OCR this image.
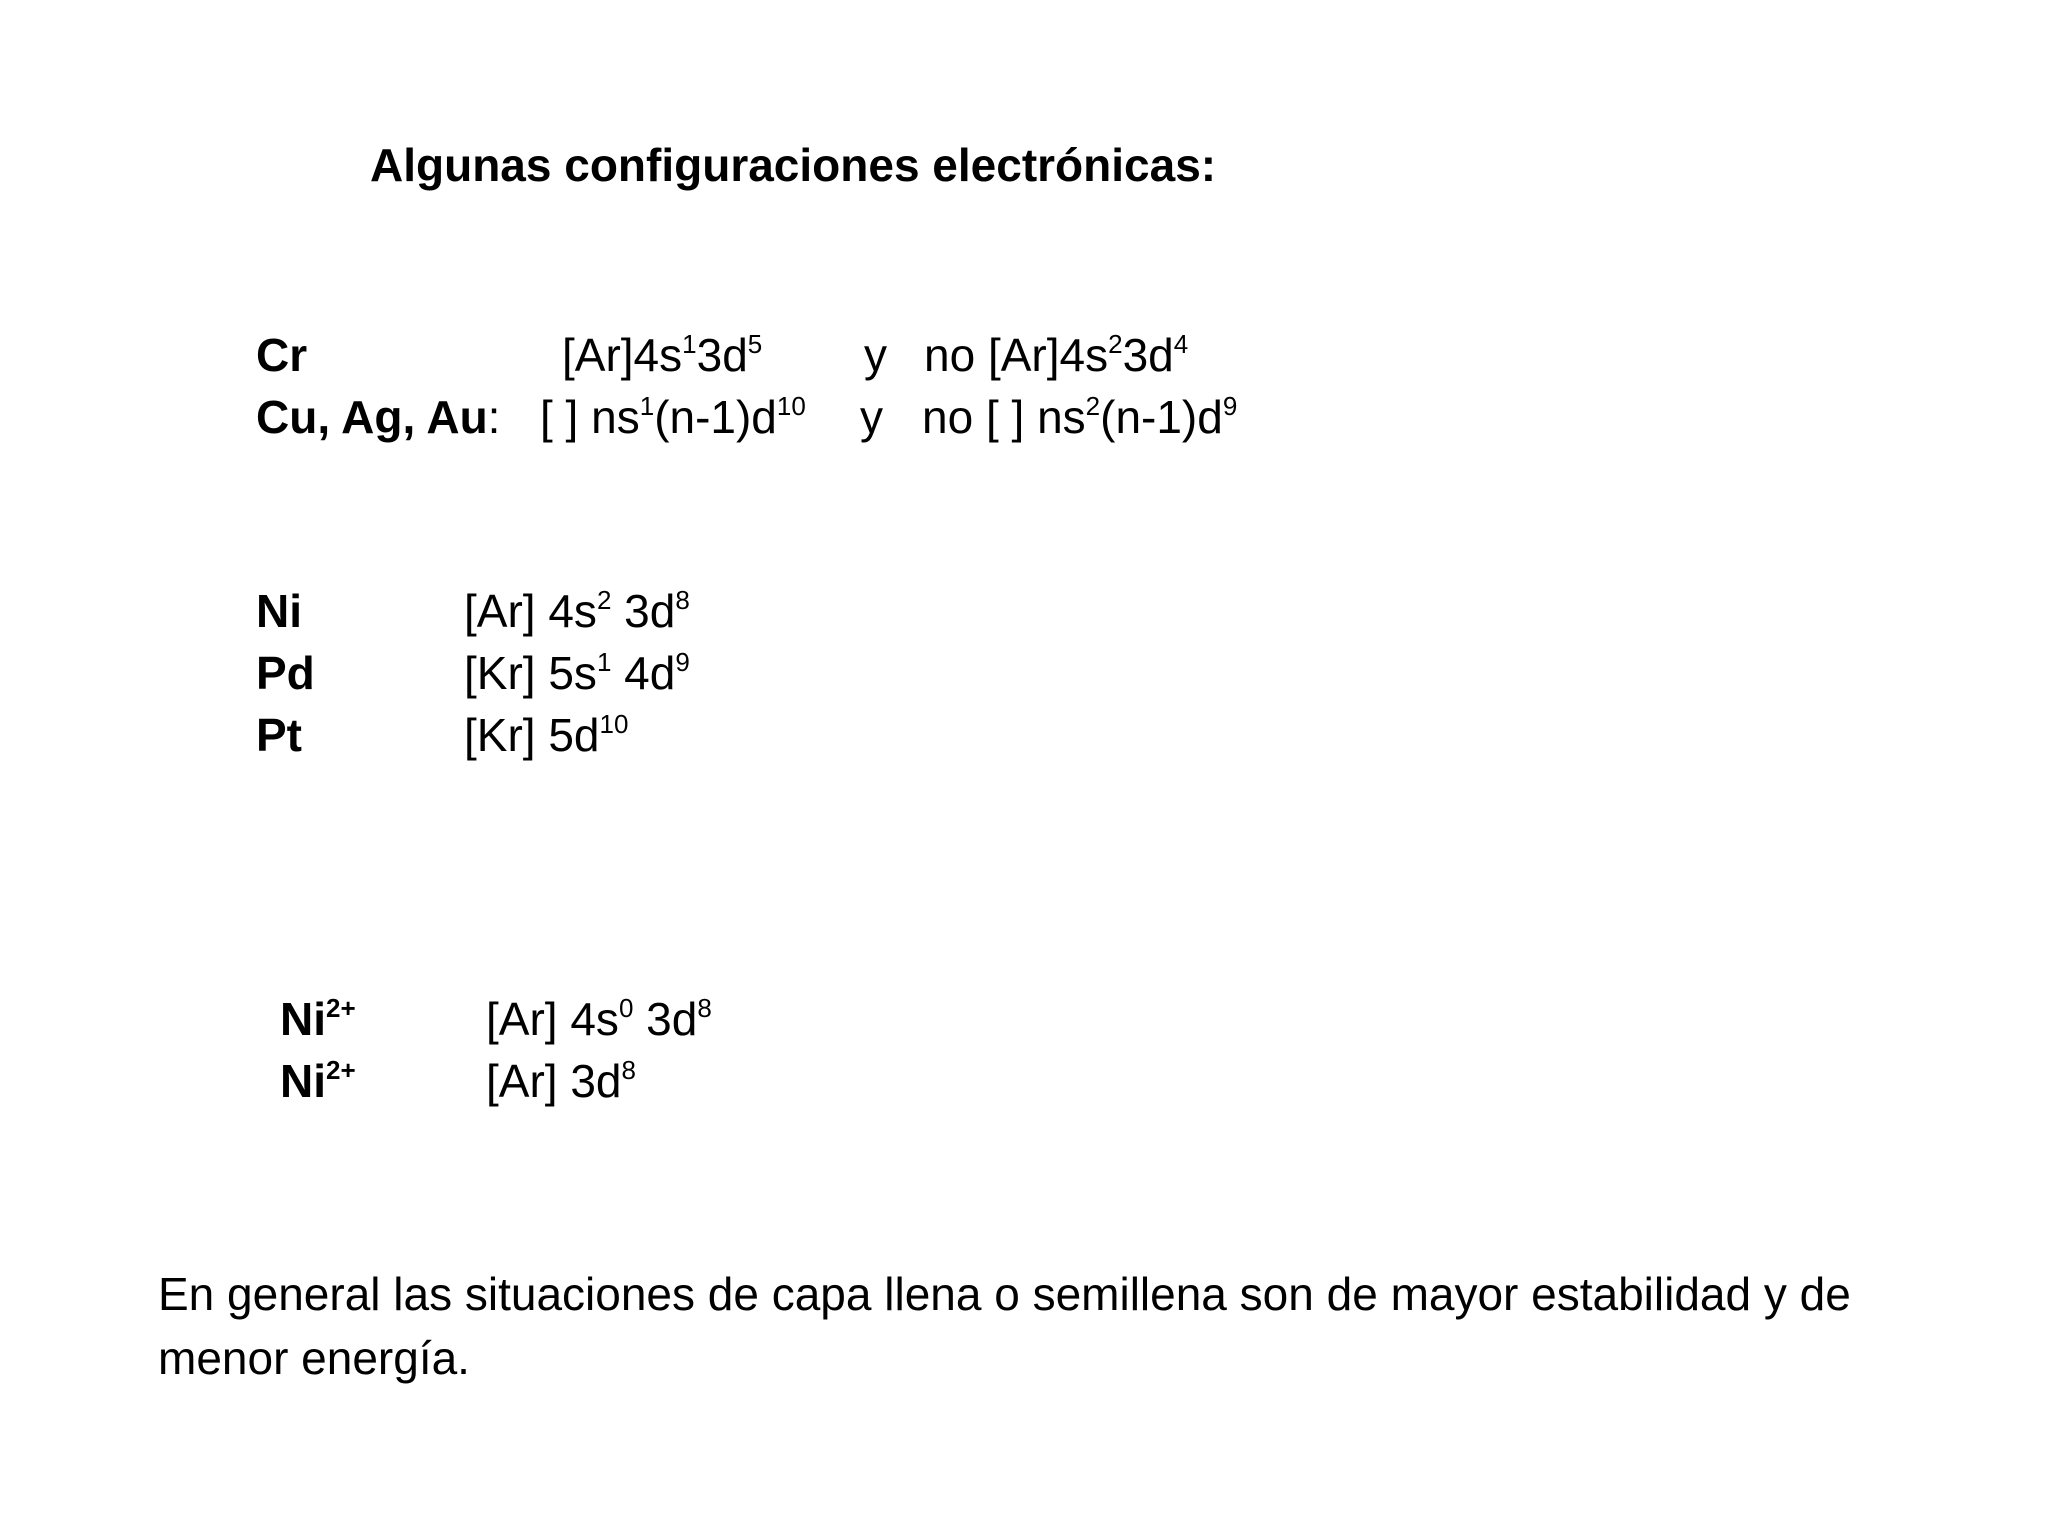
Algunas configuraciones electrónicas:
Cr	$[Ar]4s^13d^5$ y no $[Ar]4s^23d^4$
Cu, Ag, Au: [ ] $ns^1(n-1)d^{10}$ y no [ ] $ns^2(n-1)d^9$
Ni	[Ar] $4s^2$ $3d^8$
Pd	[Kr] $5s^1$ $4d^9$
Pt	[Kr] $5d^{10}$
$Ni^{2+}$	[Ar] $4s^0$ $3d^8$
$Ni^{2+}$	[Ar] $3d^8$
En general las situaciones de capa llena o semillena son de mayor estabilidad y de menor energía.
